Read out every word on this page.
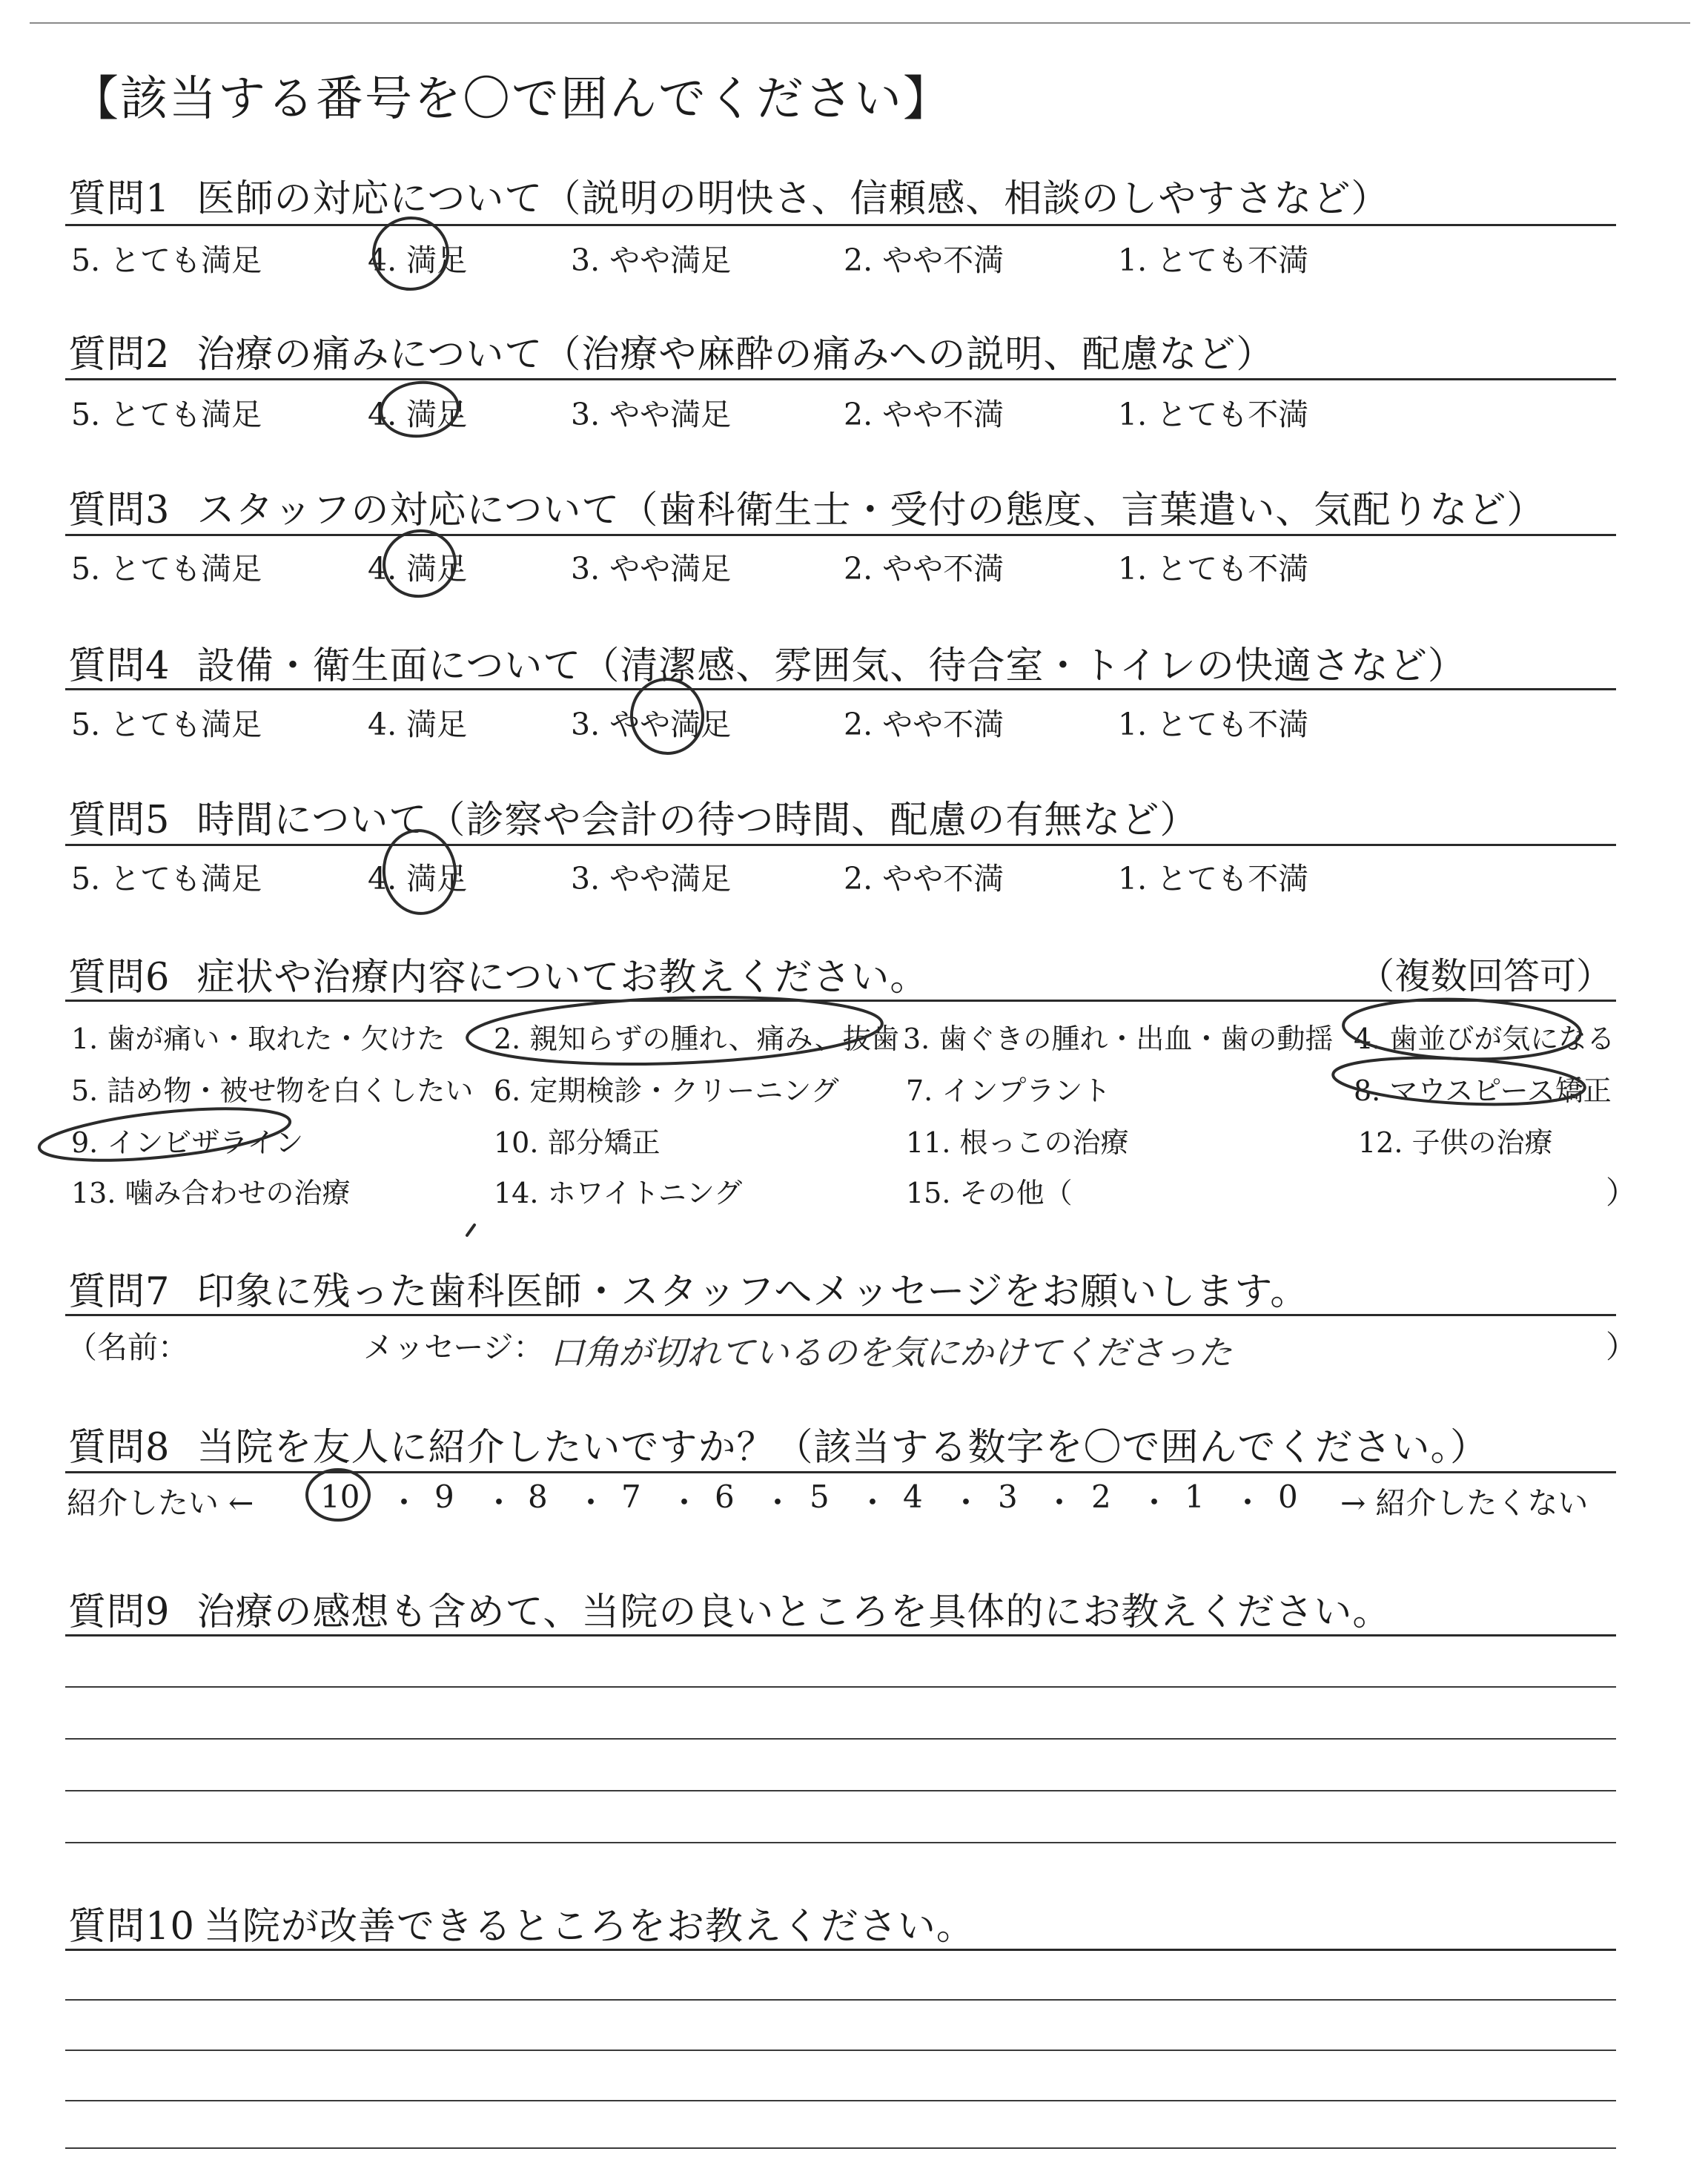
【該当する番号を〇で囲んでください】
質問1 医師の対応について（説明の明快さ、信頼感、相談のしやすさなど）
5. とても満足	4. 満足	3. やや満足	2. やや不満	1. とても不満
質問2 治療の痛みについて（治療や麻酔の痛みへの説明、配慮など）
5. とても満足	4. 満足	3. やや満足	2. やや不満	1. とても不満
質問3 スタッフの対応について（歯科衛生士・受付の態度、言葉遣い、気配りなど）
5. とても満足	4. 満足	3. やや満足	2. やや不満	1. とても不満
質問4 設備・衛生面について（清潔感、雰囲気、待合室・トイレの快適さなど）
5. とても満足	4. 満足	3. やや満足	2. やや不満	1. とても不満
質問5 時間について（診察や会計の待つ時間、配慮の有無など）
5. とても満足	4. 満足	3. やや満足	2. やや不満	1. とても不満
質問6 症状や治療内容についてお教えください。	（複数回答可）
1. 歯が痛い・取れた・欠けた 2. 親知らずの腫れ、痛み、抜歯 3. 歯ぐきの腫れ・出血・歯の動揺 4. 歯並びが気になる
5. 詰め物・被せ物を白くしたい 6. 定期検診・クリーニング 7. インプラント	8. マウスピース矯正
9. インビザライン	10. 部分矯正	11. 根っこの治療	12. 子供の治療
13. 噛み合わせの治療	14. ホワイトニング	15. その他（	）
質問7 印象に残った歯科医師・スタッフへメッセージをお願いします。
（名前：	メッセージ： 口角が切れているのを気にかけてくださった	）
質問8 当院を友人に紹介したいですか？（該当する数字を〇で囲んでください。）
紹介したい ← 10 ・ 9 ・ 8 ・ 7 ・ 6 ・ 5 ・ 4 ・ 3 ・ 2 ・ 1 ・ 0 → 紹介したくない
質問9 治療の感想も含めて、当院の良いところを具体的にお教えください。
質問10 当院が改善できるところをお教えください。
